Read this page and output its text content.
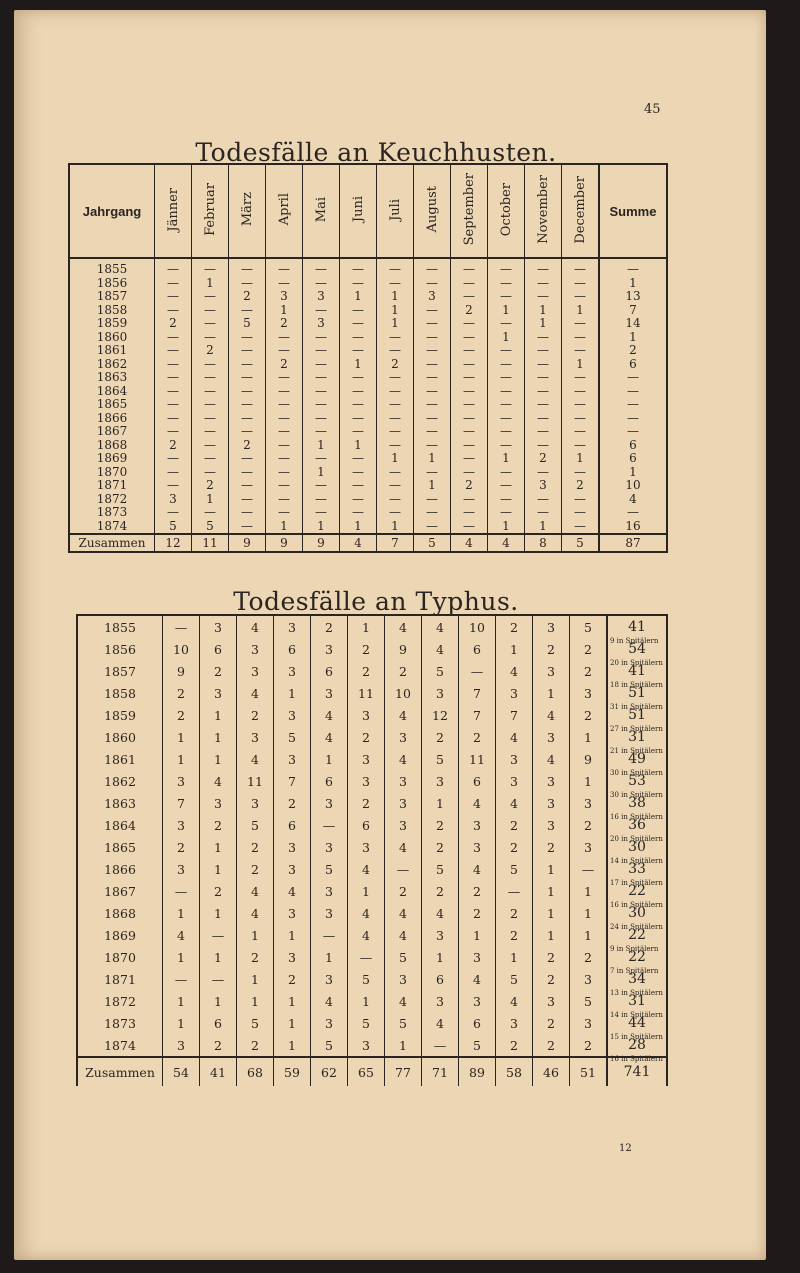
45
Todesfälle an Keuchhusten.
Jahrgang	Jänner	Februar	März	April	Mai	Juni	Juli	August	September	October	November	December	Summe
1855	—	—	—	—	—	—	—	—	—	—	—	—	—
1856	—	1	—	—	—	—	—	—	—	—	—	—	1
1857	—	—	2	3	3	1	1	3	—	—	—	—	13
1858	—	—	—	1	—	—	1	—	2	1	1	1	7
1859	2	—	5	2	3	—	1	—	—	—	1	—	14
1860	—	—	—	—	—	—	—	—	—	1	—	—	1
1861	—	2	—	—	—	—	—	—	—	—	—	—	2
1862	—	—	—	2	—	1	2	—	—	—	—	1	6
1863	—	—	—	—	—	—	—	—	—	—	—	—	—
1864	—	—	—	—	—	—	—	—	—	—	—	—	—
1865	—	—	—	—	—	—	—	—	—	—	—	—	—
1866	—	—	—	—	—	—	—	—	—	—	—	—	—
1867	—	—	—	—	—	—	—	—	—	—	—	—	—
1868	2	—	2	—	1	1	—	—	—	—	—	—	6
1869	—	—	—	—	—	—	1	1	—	1	2	1	6
1870	—	—	—	—	1	—	—	—	—	—	—	—	1
1871	—	2	—	—	—	—	—	1	2	—	3	2	10
1872	3	1	—	—	—	—	—	—	—	—	—	—	4
1873	—	—	—	—	—	—	—	—	—	—	—	—	—
1874	5	5	—	1	1	1	1	—	—	1	1	—	16
Zusammen	12	11	9	9	9	4	7	5	4	4	8	5	87
Todesfälle an Typhus.
1855	—	3	4	3	2	1	4	4	10	2	3	5	41
9 in Spitälern

1856	10	6	3	6	3	2	9	4	6	1	2	2	54
20 in Spitälern

1857	9	2	3	3	6	2	2	5	—	4	3	2	41
18 in Spitälern

1858	2	3	4	1	3	11	10	3	7	3	1	3	51
31 in Spitälern

1859	2	1	2	3	4	3	4	12	7	7	4	2	51
27 in Spitälern

1860	1	1	3	5	4	2	3	2	2	4	3	1	31
21 in Spitälern

1861	1	1	4	3	1	3	4	5	11	3	4	9	49
30 in Spitälern

1862	3	4	11	7	6	3	3	3	6	3	3	1	53
30 in Spitälern

1863	7	3	3	2	3	2	3	1	4	4	3	3	38
16 in Spitälern

1864	3	2	5	6	—	6	3	2	3	2	3	2	36
20 in Spitälern

1865	2	1	2	3	3	3	4	2	3	2	2	3	30
14 in Spitälern

1866	3	1	2	3	5	4	—	5	4	5	1	—	33
17 in Spitälern

1867	—	2	4	4	3	1	2	2	2	—	1	1	22
16 in Spitälern

1868	1	1	4	3	3	4	4	4	2	2	1	1	30
24 in Spitälern

1869	4	—	1	1	—	4	4	3	1	2	1	1	22
9 in Spitälern

1870	1	1	2	3	1	—	5	1	3	1	2	2	22
7 in Spitälern

1871	—	—	1	2	3	5	3	6	4	5	2	3	34
13 in Spitälern

1872	1	1	1	1	4	1	4	3	3	4	3	5	31
14 in Spitälern

1873	1	6	5	1	3	5	5	4	6	3	2	3	44
15 in Spitälern

1874	3	2	2	1	5	3	1	—	5	2	2	2	28
16 in Spitälern

Zusammen	54	41	68	59	62	65	77	71	89	58	46	51	741
12
